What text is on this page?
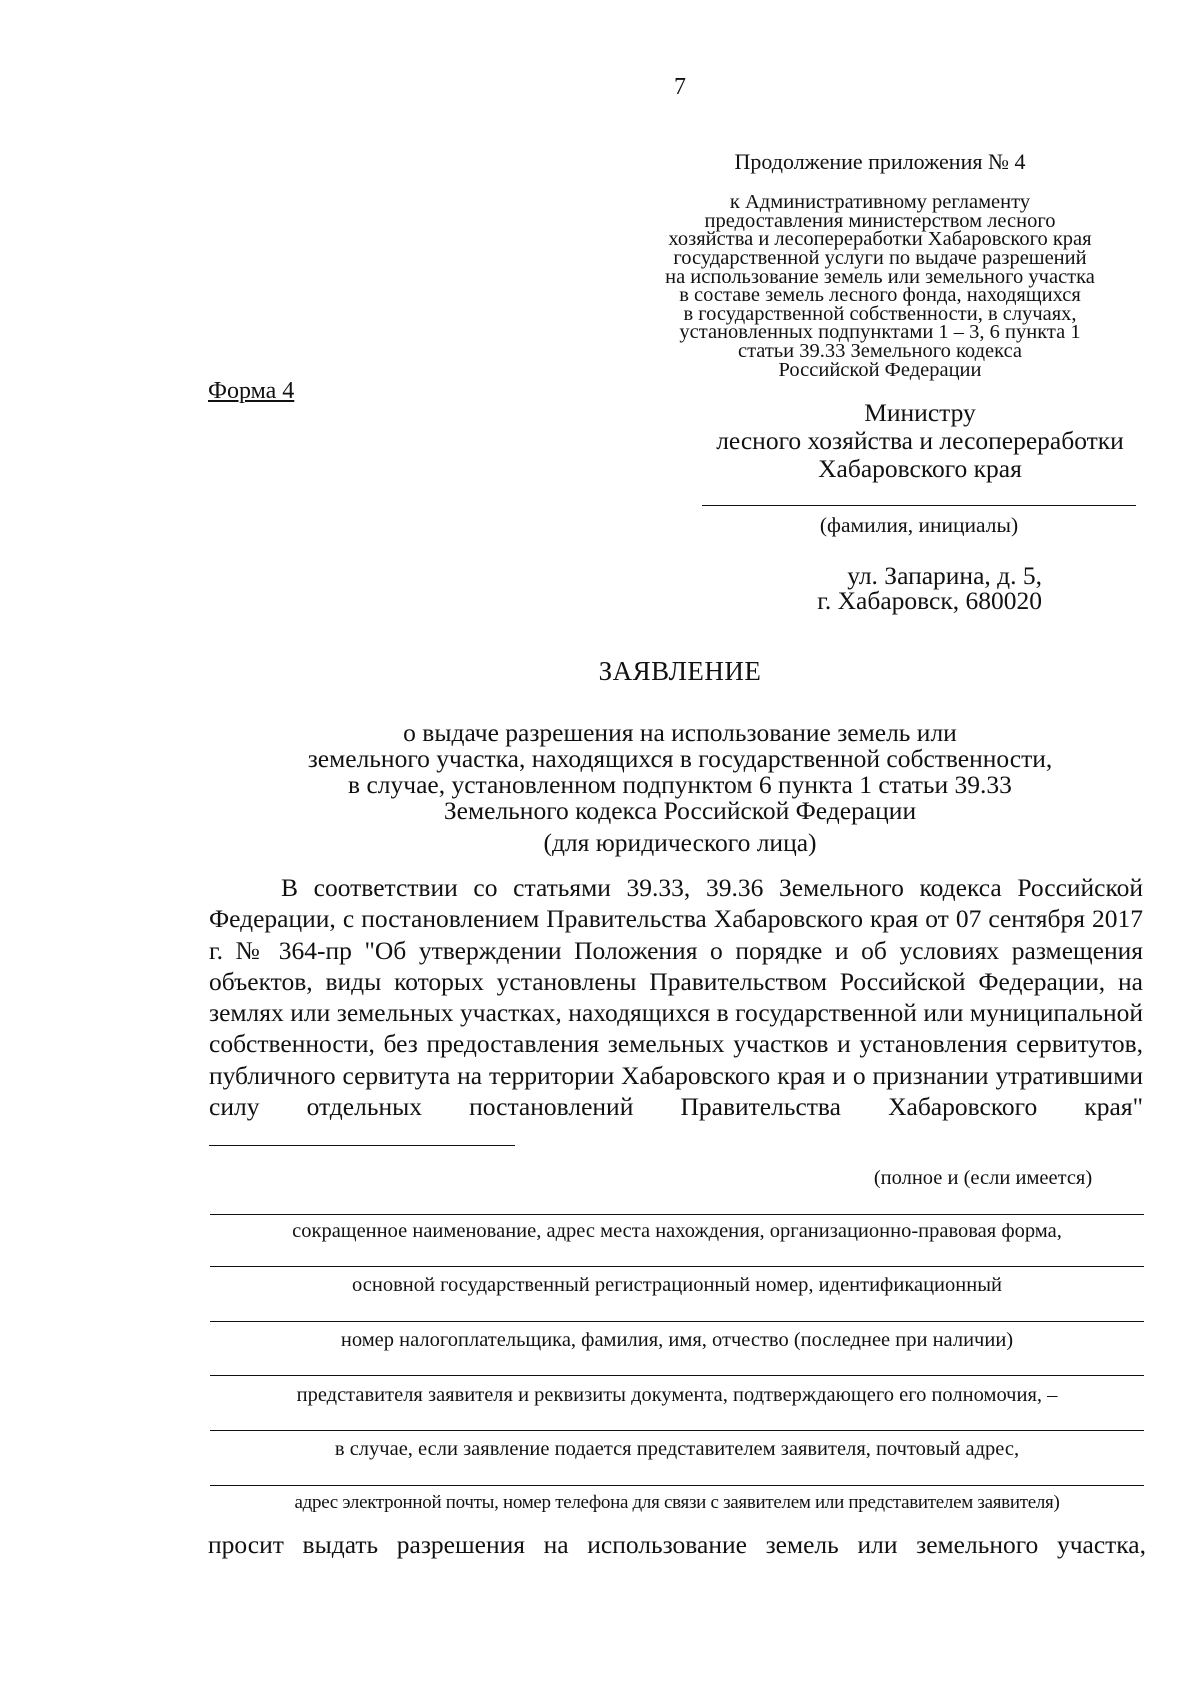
7

Продолжение приложения № 4

к Административному регламенту
предоставления министерством лесного
хозяйства и лесопереработки Хабаровского края
государственной услуги по выдаче разрешений
на использование земель или земельного участка
в составе земель лесного фонда, находящихся
в государственной собственности, в случаях,
установленных подпунктами 1 – 3, 6 пункта 1
статьи 39.33 Земельного кодекса
Российской Федерации

Форма 4
Министру
лесного хозяйства и лесопереработки
Хабаровского края
(фамилия, инициалы)
ул. Запарина, д. 5,
г. Хабаровск, 680020
ЗАЯВЛЕНИЕ

о выдаче разрешения на использование земель или
земельного участка, находящихся в государственной собственности,
в случае, установленном подпунктом 6 пункта 1 статьи 39.33
Земельного кодекса Российской Федерации

(для юридического лица)

В соответствии со статьями 39.33, 39.36 Земельного кодекса Российской Федерации, с постановлением Правительства Хабаровского края от 07 сентября 2017 г. № 364-пр "Об утверждении Положения о порядке и об условиях размещения объектов, виды которых установлены Правительством Российской Федерации, на землях или земельных участках, находящихся в государственной или муниципальной собственности, без предоставления земельных участков и установления сервитутов, публичного сервитута на территории Хабаровского края и о признании утратившими силу отдельных постановлений Правительства Хабаровского края"
(полное и (если имеется)
сокращенное наименование, адрес места нахождения, организационно-правовая форма,
основной государственный регистрационный номер, идентификационный
номер налогоплательщика, фамилия, имя, отчество (последнее при наличии)
представителя заявителя и реквизиты документа, подтверждающего его полномочия, –
в случае, если заявление подается представителем заявителя, почтовый адрес,
адрес электронной почты, номер телефона для связи с заявителем или представителем заявителя)
просит выдать разрешения на использование земель или земельного участка,
